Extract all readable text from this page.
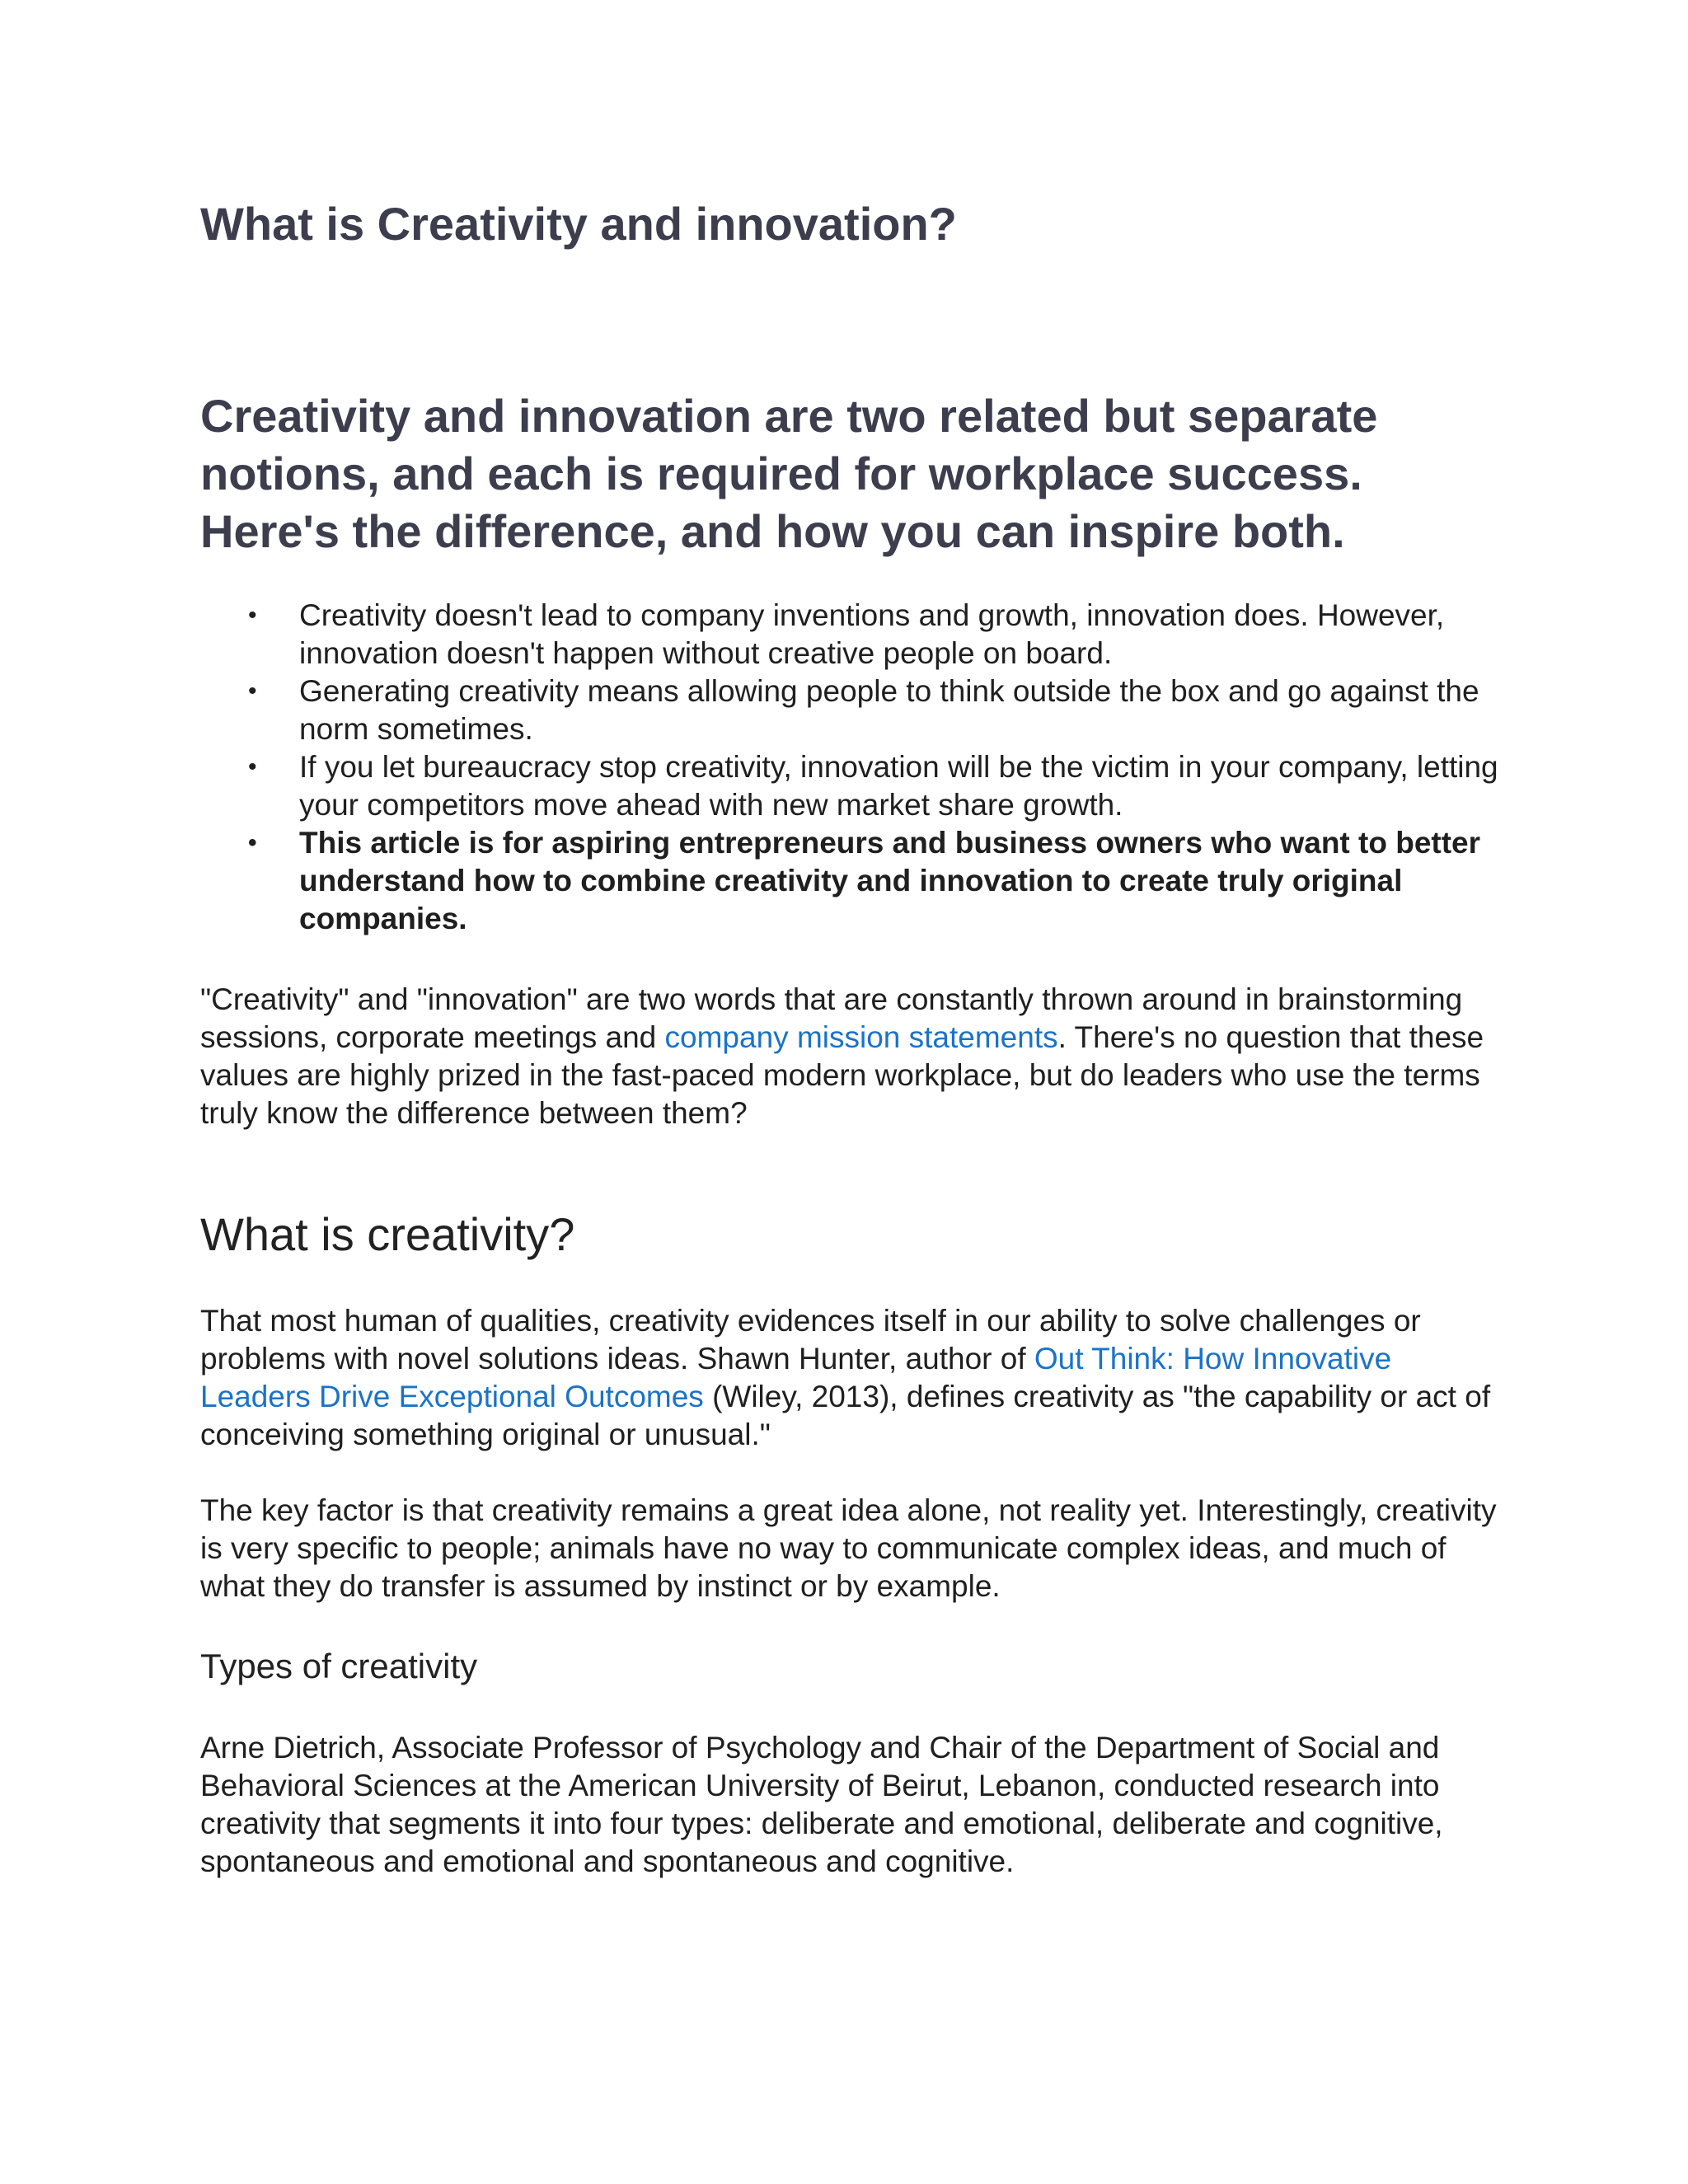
What is Creativity and innovation?
Creativity and innovation are two related but separate notions, and each is required for workplace success. Here's the difference, and how you can inspire both.
• Creativity doesn't lead to company inventions and growth, innovation does. However, innovation doesn't happen without creative people on board.
• Generating creativity means allowing people to think outside the box and go against the norm sometimes.
• If you let bureaucracy stop creativity, innovation will be the victim in your company, letting your competitors move ahead with new market share growth.
• This article is for aspiring entrepreneurs and business owners who want to better understand how to combine creativity and innovation to create truly original companies.

"Creativity" and "innovation" are two words that are constantly thrown around in brainstorming sessions, corporate meetings and company mission statements. There's no question that these values are highly prized in the fast-paced modern workplace, but do leaders who use the terms truly know the difference between them?

What is creativity?

That most human of qualities, creativity evidences itself in our ability to solve challenges or problems with novel solutions ideas. Shawn Hunter, author of Out Think: How Innovative Leaders Drive Exceptional Outcomes (Wiley, 2013), defines creativity as "the capability or act of conceiving something original or unusual."

The key factor is that creativity remains a great idea alone, not reality yet. Interestingly, creativity is very specific to people; animals have no way to communicate complex ideas, and much of what they do transfer is assumed by instinct or by example.

Types of creativity

Arne Dietrich, Associate Professor of Psychology and Chair of the Department of Social and Behavioral Sciences at the American University of Beirut, Lebanon, conducted research into creativity that segments it into four types: deliberate and emotional, deliberate and cognitive, spontaneous and emotional and spontaneous and cognitive.
